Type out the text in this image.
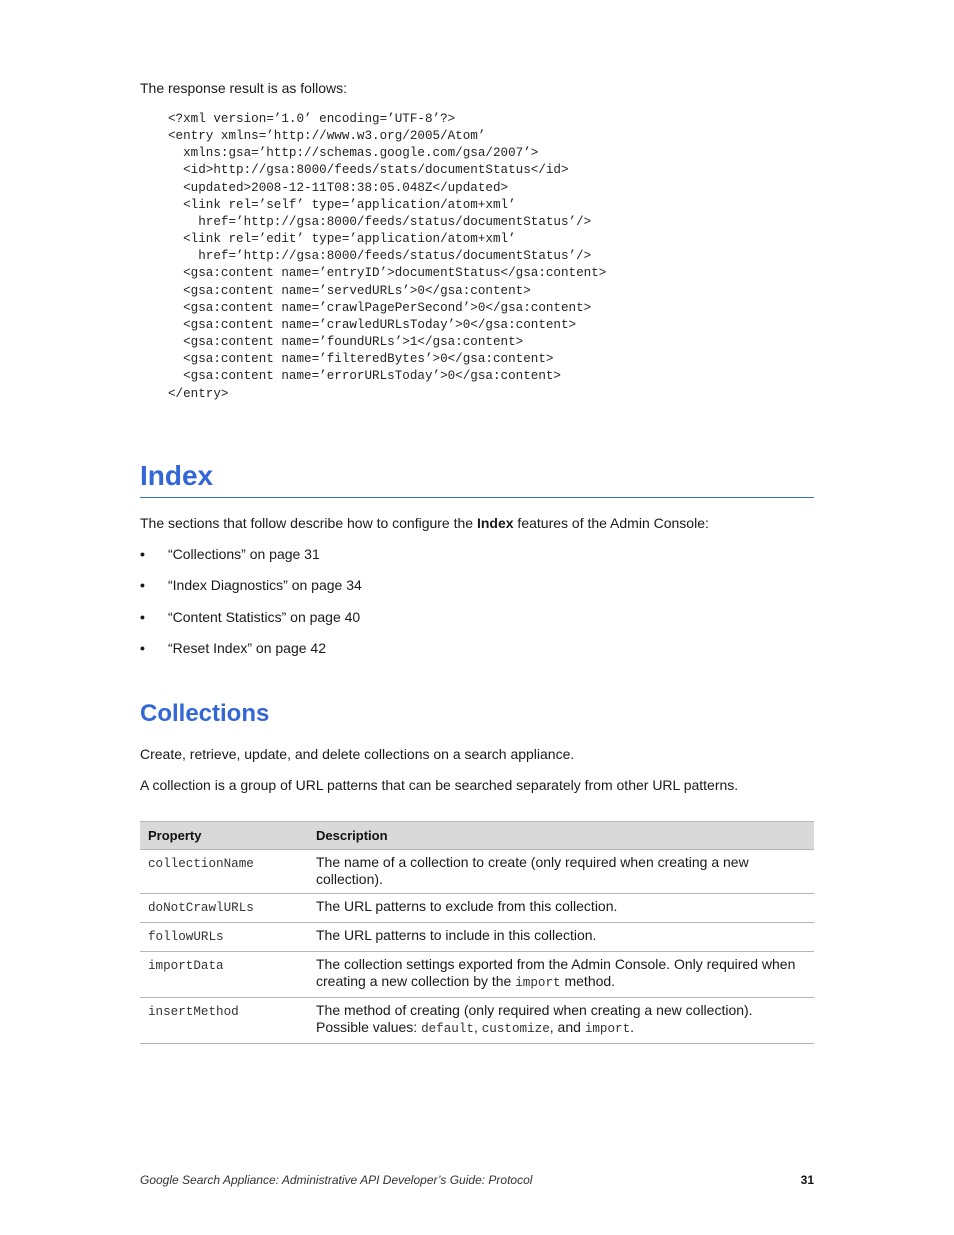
The response result is as follows:

<?xml version=’1.0’ encoding=’UTF-8’?>
<entry xmlns=’http://www.w3.org/2005/Atom’
xmlns:gsa=’http://schemas.google.com/gsa/2007’>
<id>http://gsa:8000/feeds/stats/documentStatus</id>
<updated>2008-12-11T08:38:05.048Z</updated>
<link rel=’self’ type=’application/atom+xml’
href=’http://gsa:8000/feeds/status/documentStatus’/>
<link rel=’edit’ type=’application/atom+xml’
href=’http://gsa:8000/feeds/status/documentStatus’/>
<gsa:content name=’entryID’>documentStatus</gsa:content>
<gsa:content name=’servedURLs’>0</gsa:content>
<gsa:content name=’crawlPagePerSecond’>0</gsa:content>
<gsa:content name=’crawledURLsToday’>0</gsa:content>
<gsa:content name=’foundURLs’>1</gsa:content>
<gsa:content name=’filteredBytes’>0</gsa:content>
<gsa:content name=’errorURLsToday’>0</gsa:content>
</entry>
Index

The sections that follow describe how to configure the Index features of the Admin Console:

• “Collections” on page 31
• “Index Diagnostics” on page 34
• “Content Statistics” on page 40
• “Reset Index” on page 42
Collections

Create, retrieve, update, and delete collections on a search appliance.

A collection is a group of URL patterns that can be searched separately from other URL patterns.

Property	Description
collectionName	The name of a collection to create (only required when creating a new collection).
doNotCrawlURLs	The URL patterns to exclude from this collection.
followURLs	The URL patterns to include in this collection.
importData	The collection settings exported from the Admin Console. Only required when creating a new collection by the import method.
insertMethod	The method of creating (only required when creating a new collection). Possible values: default, customize, and import.
Google Search Appliance: Administrative API Developer’s Guide: Protocol	31
